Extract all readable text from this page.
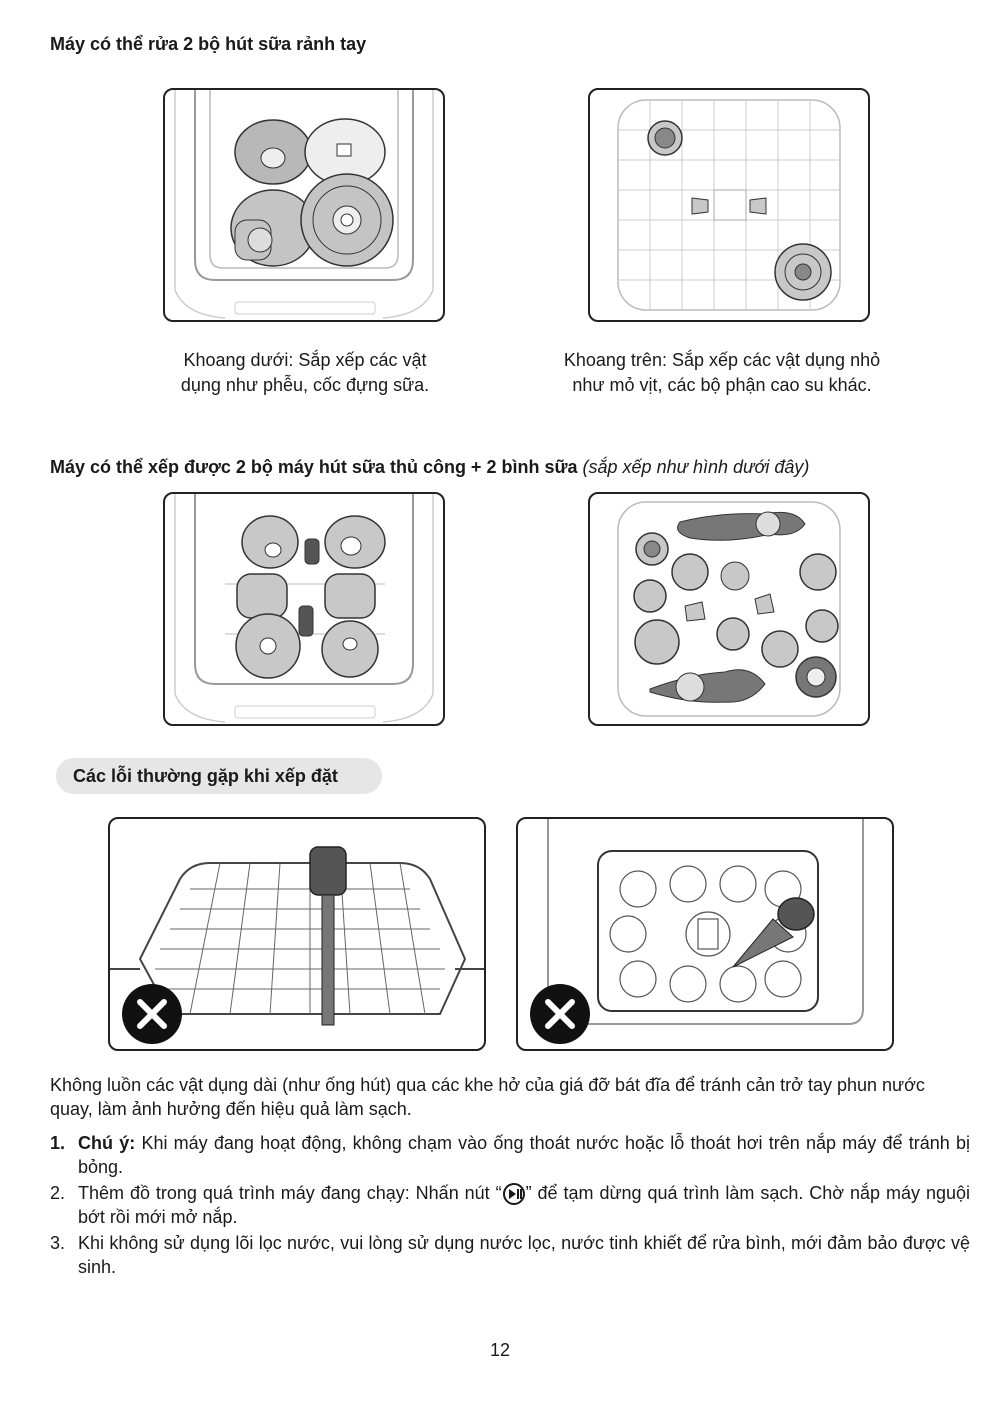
Máy có thể rửa 2 bộ hút sữa rảnh tay
Khoang dưới: Sắp xếp các vật
dụng như phễu, cốc đựng sữa.
Khoang trên: Sắp xếp các vật dụng nhỏ
như mỏ vịt, các bộ phận cao su khác.
Máy có thể xếp được 2 bộ máy hút sữa thủ công + 2 bình sữa (sắp xếp như hình dưới đây)
Các lỗi thường gặp khi xếp đặt
Không luồn các vật dụng dài (như ống hút) qua các khe hở của giá đỡ bát đĩa để tránh cản trở tay phun nước quay, làm ảnh hưởng đến hiệu quả làm sạch.
1. Chú ý: Khi máy đang hoạt động, không chạm vào ống thoát nước hoặc lỗ thoát hơi trên nắp máy để tránh bị bỏng.
2. Thêm đồ trong quá trình máy đang chạy: Nhấn nút “ ” để tạm dừng quá trình làm sạch. Chờ nắp máy nguội bớt rồi mới mở nắp.
3. Khi không sử dụng lõi lọc nước, vui lòng sử dụng nước lọc, nước tinh khiết để rửa bình, mới đảm bảo được vệ sinh.
12
